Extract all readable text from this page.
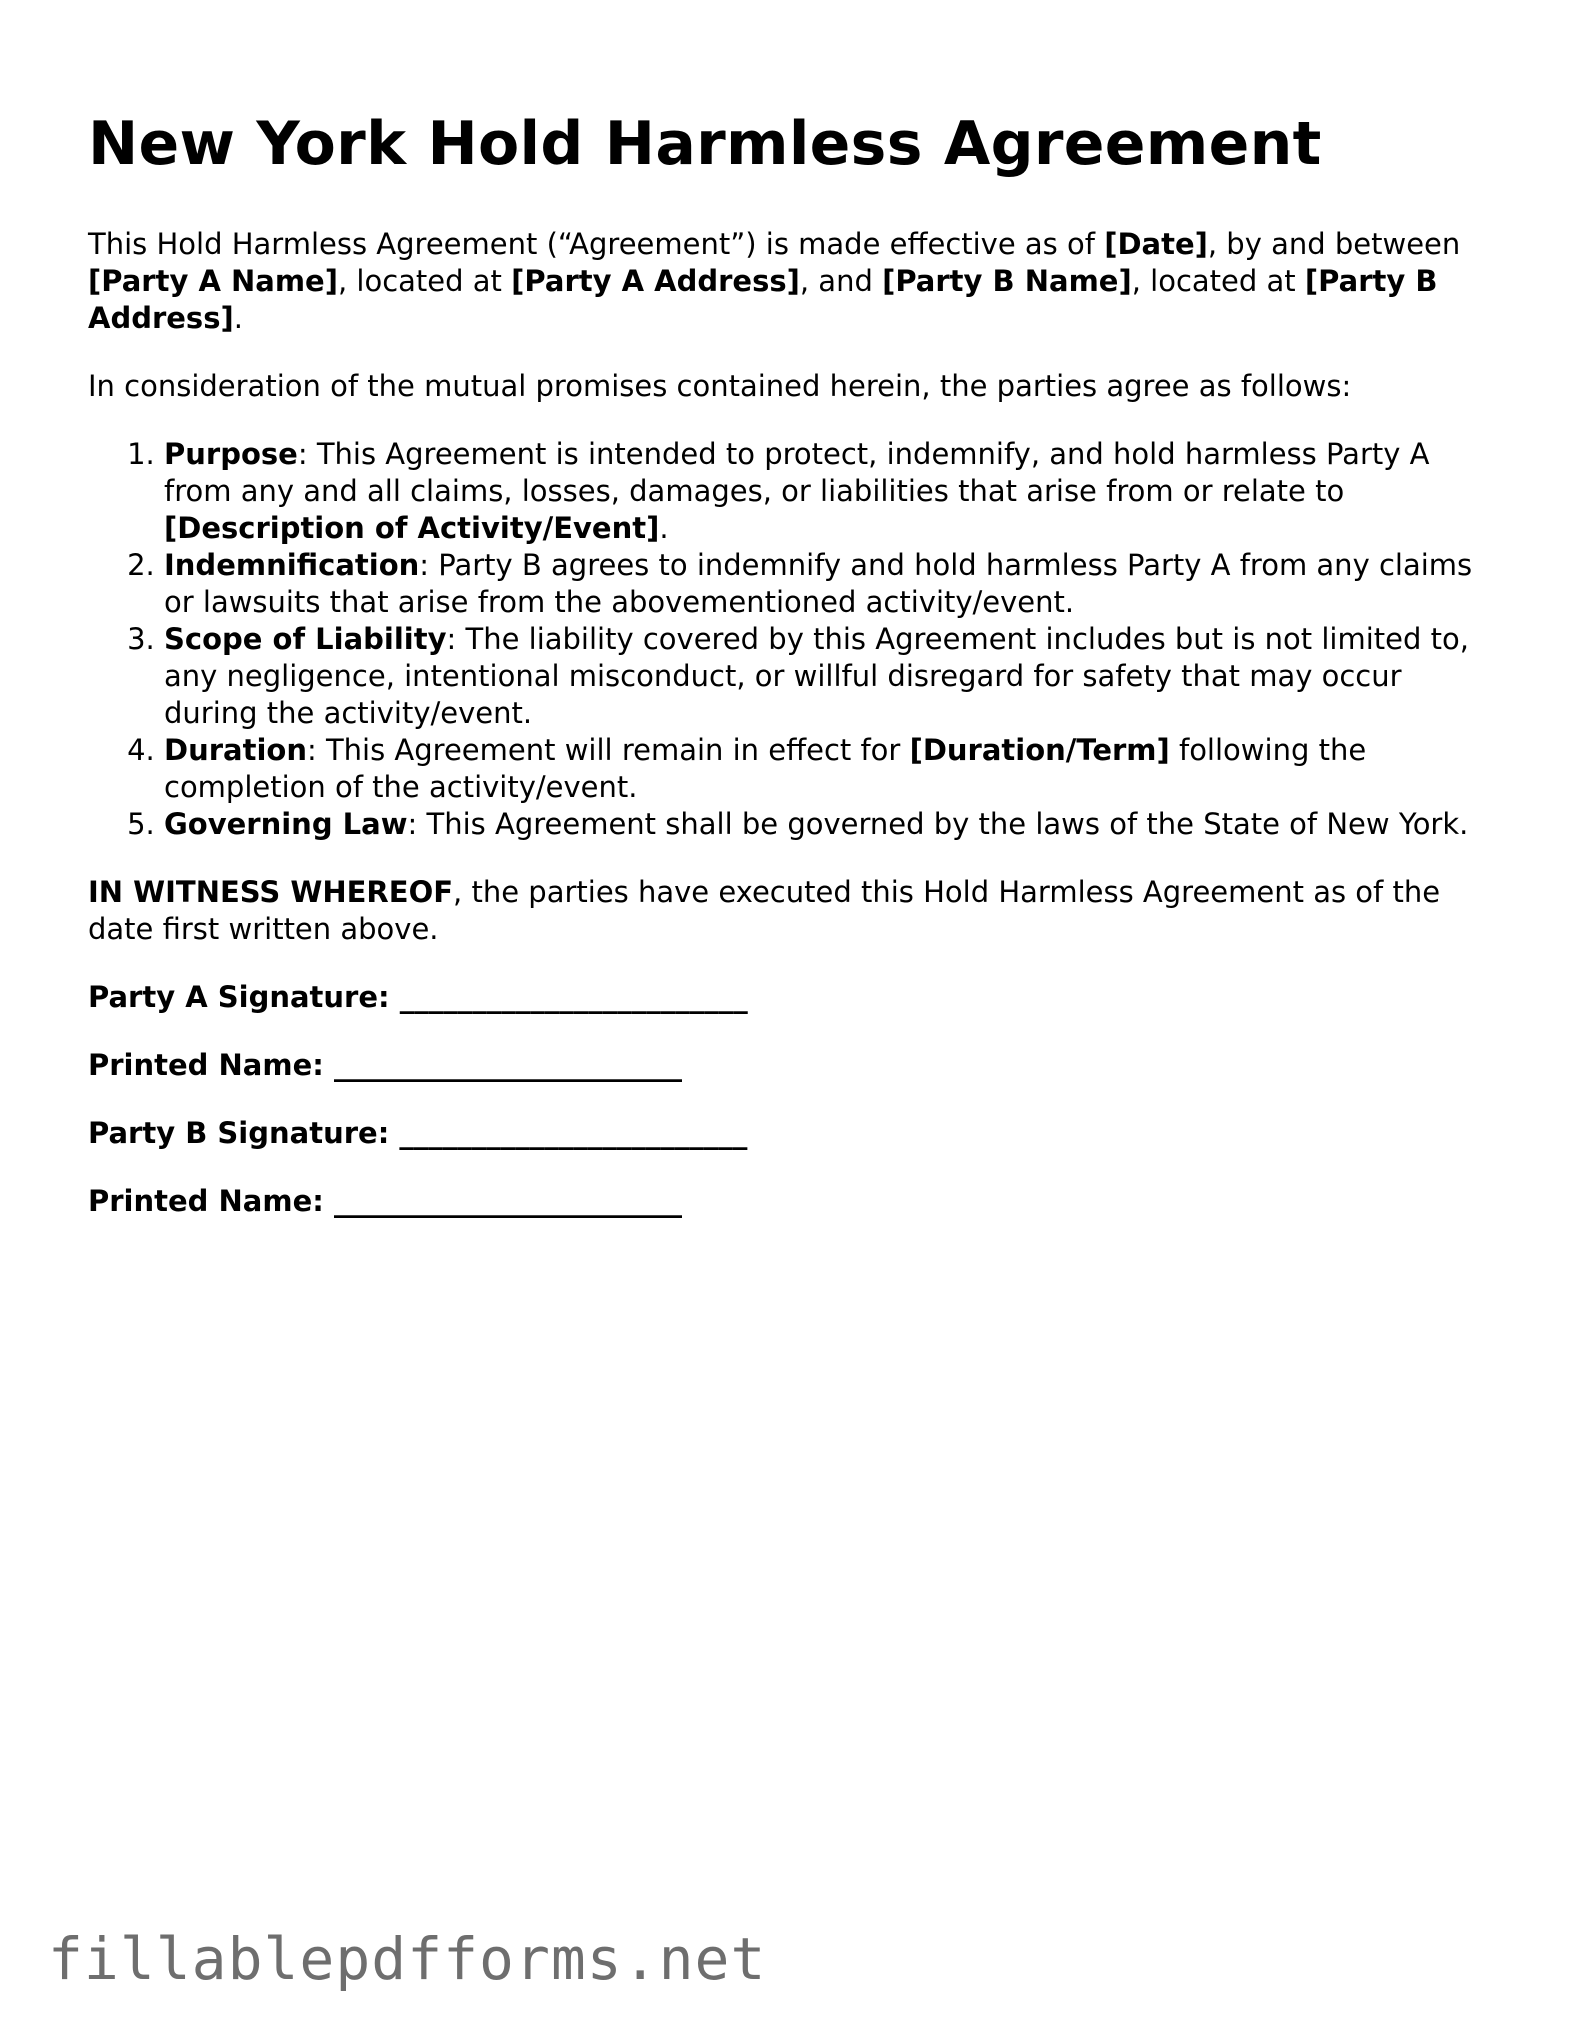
New York Hold Harmless Agreement

This Hold Harmless Agreement (“Agreement”) is made effective as of [Date], by and between [Party A Name], located at [Party A Address], and [Party B Name], located at [Party B Address].

In consideration of the mutual promises contained herein, the parties agree as follows:

1. Purpose: This Agreement is intended to protect, indemnify, and hold harmless Party A from any and all claims, losses, damages, or liabilities that arise from or relate to [Description of Activity/Event].
2. Indemnification: Party B agrees to indemnify and hold harmless Party A from any claims or lawsuits that arise from the abovementioned activity/event.
3. Scope of Liability: The liability covered by this Agreement includes but is not limited to, any negligence, intentional misconduct, or willful disregard for safety that may occur during the activity/event.
4. Duration: This Agreement will remain in effect for [Duration/Term] following the completion of the activity/event.
5. Governing Law: This Agreement shall be governed by the laws of the State of New York.

IN WITNESS WHEREOF, the parties have executed this Hold Harmless Agreement as of the date first written above.

Party A Signature: ________________________

Printed Name: ________________________

Party B Signature: ________________________

Printed Name: ________________________

fillablepdfforms.net
